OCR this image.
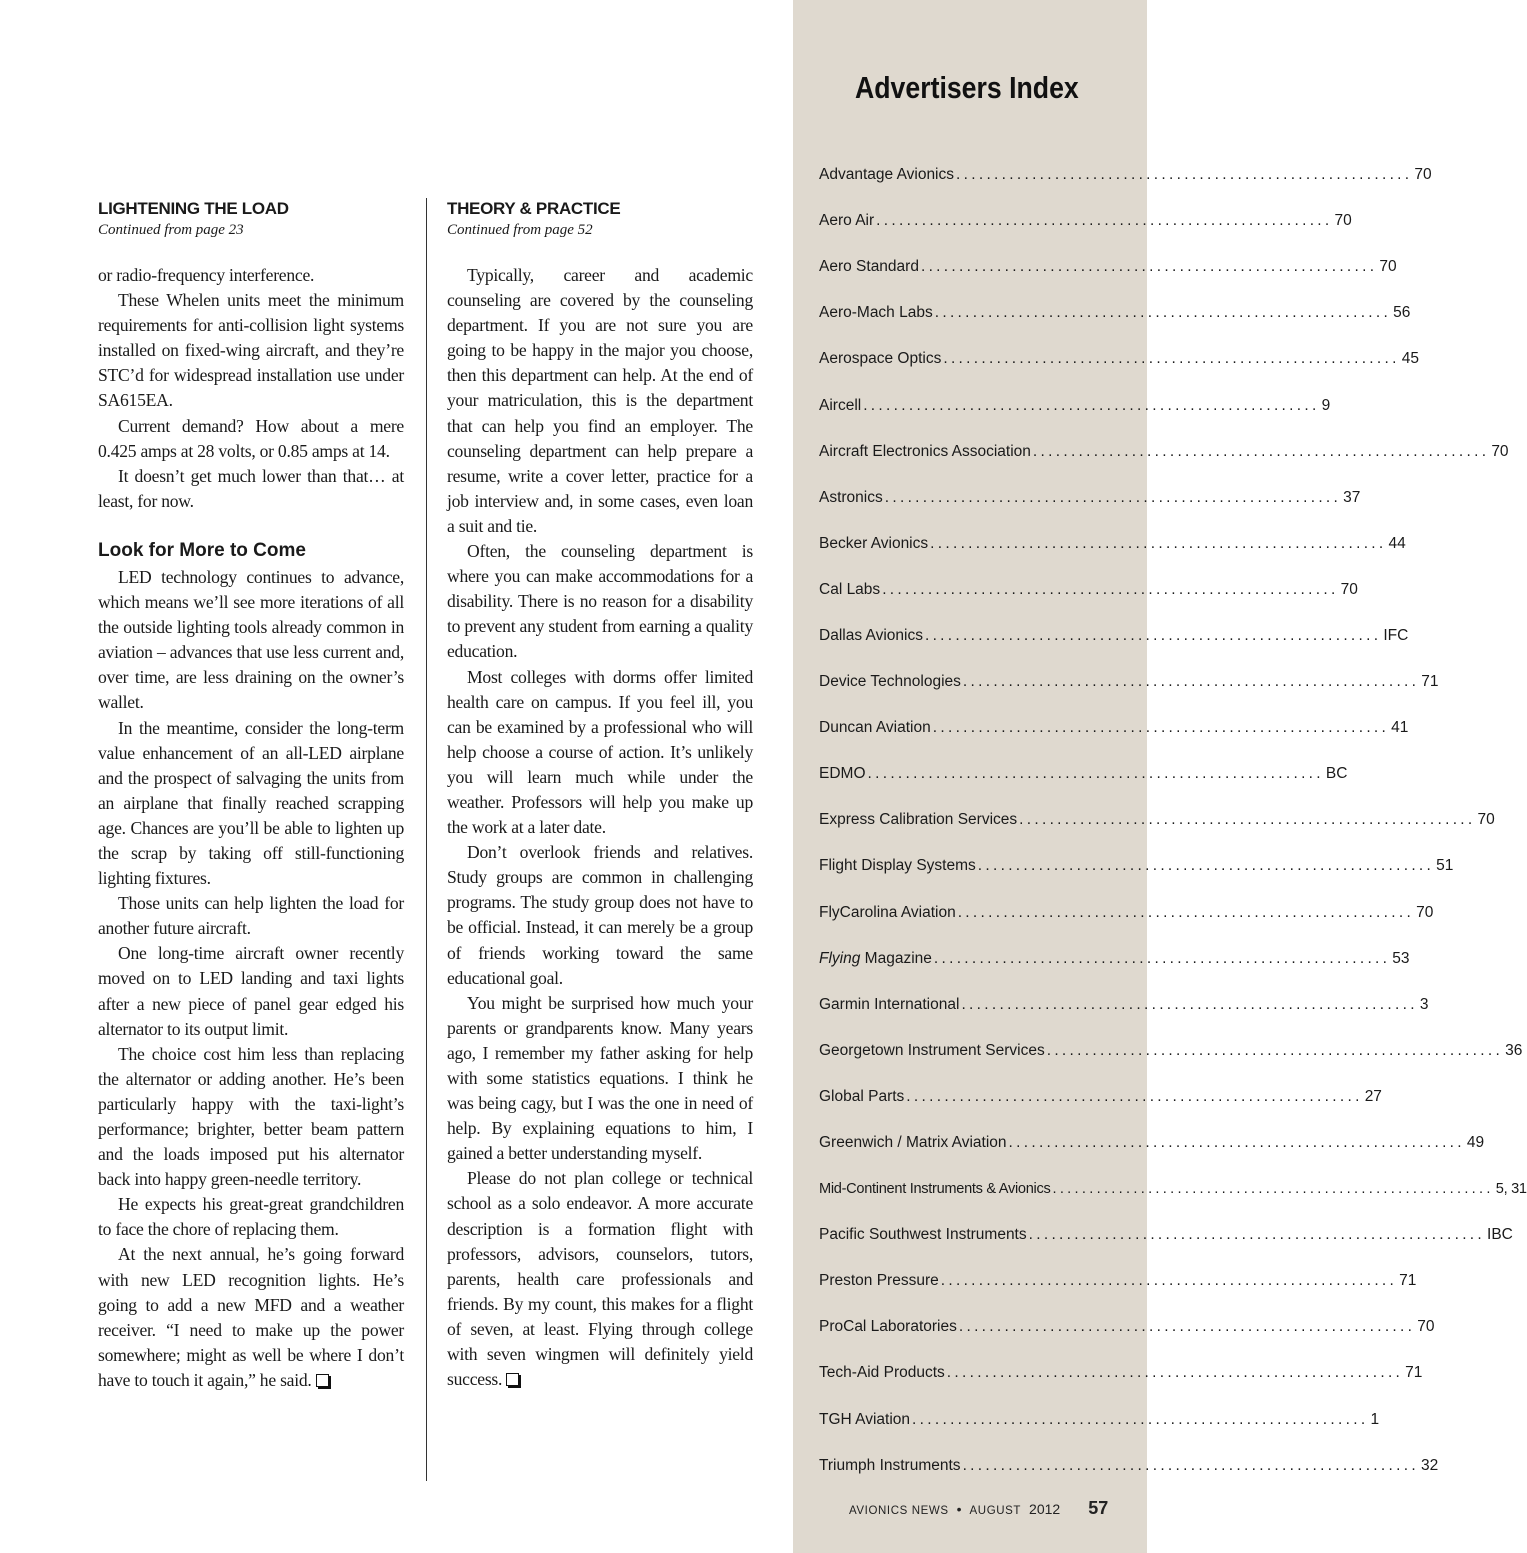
LIGHTENING THE LOAD

Continued from page 23

or radio-frequency interference.

These Whelen units meet the minimum requirements for anti-collision light systems installed on fixed-wing aircraft, and they’re STC’d for widespread installation use under SA615EA.

Current demand? How about a mere 0.425 amps at 28 volts, or 0.85 amps at 14.

It doesn’t get much lower than that… at least, for now.

Look for More to Come

LED technology continues to advance, which means we’ll see more iterations of all the outside lighting tools already common in aviation – advances that use less current and, over time, are less draining on the owner’s wallet.

In the meantime, consider the long-term value enhancement of an all-LED airplane and the prospect of salvaging the units from an airplane that finally reached scrapping age. Chances are you’ll be able to lighten up the scrap by taking off still-functioning lighting fixtures.

Those units can help lighten the load for another future aircraft.

One long-time aircraft owner recently moved on to LED landing and taxi lights after a new piece of panel gear edged his alternator to its output limit.

The choice cost him less than replacing the alternator or adding another. He’s been particularly happy with the taxi-light’s performance; brighter, better beam pattern and the loads imposed put his alternator back into happy green-needle territory.

He expects his great-great grandchildren to face the chore of replacing them.

At the next annual, he’s going forward with new LED recognition lights. He’s going to add a new MFD and a weather receiver. “I need to make up the power somewhere; might as well be where I don’t have to touch it again,” he said.

THEORY & PRACTICE

Continued from page 52

Typically, career and academic counseling are covered by the counseling department. If you are not sure you are going to be happy in the major you choose, then this department can help. At the end of your matriculation, this is the department that can help you find an employer. The counseling department can help prepare a resume, write a cover letter, practice for a job interview and, in some cases, even loan a suit and tie.

Often, the counseling department is where you can make accommodations for a disability. There is no reason for a disability to prevent any student from earning a quality education.

Most colleges with dorms offer limited health care on campus. If you feel ill, you can be examined by a professional who will help choose a course of action. It’s unlikely you will learn much while under the weather. Professors will help you make up the work at a later date.

Don’t overlook friends and relatives. Study groups are common in challenging programs. The study group does not have to be official. Instead, it can merely be a group of friends working toward the same educational goal.

You might be surprised how much your parents or grandparents know. Many years ago, I remember my father asking for help with some statistics equations. I think he was being cagy, but I was the one in need of help. By explaining equations to him, I gained a better understanding myself.

Please do not plan college or technical school as a solo endeavor. A more accurate description is a formation flight with professors, advisors, counselors, tutors, parents, health care professionals and friends. By my count, this makes for a flight of seven, at least. Flying through college with seven wingmen will definitely yield success.

Advertisers Index
Advantage Avionics ............................................................ 70
Aero Air ............................................................ 70
Aero Standard ............................................................ 70
Aero-Mach Labs ............................................................ 56
Aerospace Optics ............................................................ 45
Aircell ............................................................ 9
Aircraft Electronics Association ............................................................ 70
Astronics ............................................................ 37
Becker Avionics ............................................................ 44
Cal Labs ............................................................ 70
Dallas Avionics ............................................................ IFC
Device Technologies ............................................................ 71
Duncan Aviation ............................................................ 41
EDMO ............................................................ BC
Express Calibration Services ............................................................ 70
Flight Display Systems ............................................................ 51
FlyCarolina Aviation ............................................................ 70
Flying Magazine ............................................................ 53
Garmin International ............................................................ 3
Georgetown Instrument Services ............................................................ 36
Global Parts ............................................................ 27
Greenwich / Matrix Aviation ............................................................ 49
Mid-Continent Instruments & Avionics ............................................................ 5, 31
Pacific Southwest Instruments ............................................................ IBC
Preston Pressure ............................................................ 71
ProCal Laboratories ............................................................ 70
Tech-Aid Products ............................................................ 71
TGH Aviation ............................................................ 1
Triumph Instruments ............................................................ 32
AVIONICS NEWS • AUGUST 2012 57
